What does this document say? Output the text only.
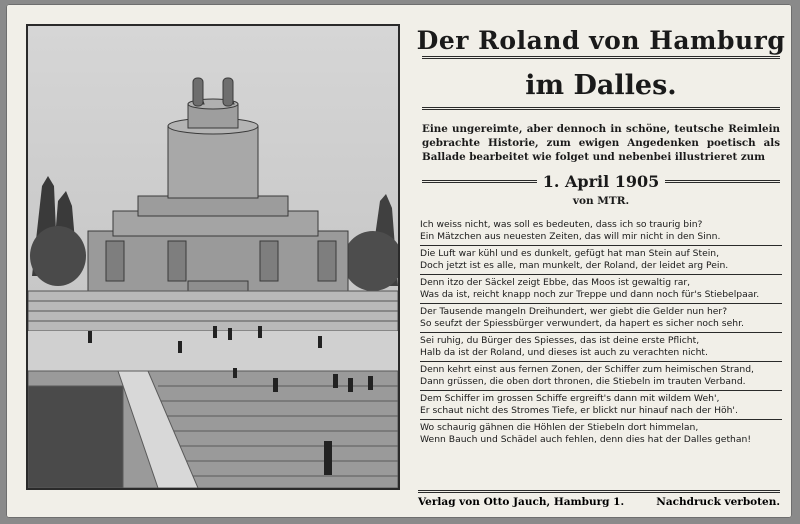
Der Roland von Hamburg
im Dalles.
Eine ungereimte, aber dennoch in schöne, teutsche Reimlein gebrachte Historie, zum ewigen Angedenken poetisch als Ballade bearbeitet wie folget und nebenbei illustrieret zum
1. April 1905
von MTR.
Ich weiss nicht, was soll es bedeuten, dass ich so traurig bin?
Ein Mätzchen aus neuesten Zeiten, das will mir nicht in den Sinn.
Die Luft war kühl und es dunkelt, gefügt hat man Stein auf Stein,
Doch jetzt ist es alle, man munkelt, der Roland, der leidet arg Pein.
Denn itzo der Säckel zeigt Ebbe, das Moos ist gewaltig rar,
Was da ist, reicht knapp noch zur Treppe und dann noch für's Stiebelpaar.
Der Tausende mangeln Dreihundert, wer giebt die Gelder nun her?
So seufzt der Spiessbürger verwundert, da hapert es sicher noch sehr.
Sei ruhig, du Bürger des Spiesses, das ist deine erste Pflicht,
Halb da ist der Roland, und dieses ist auch zu verachten nicht.
Denn kehrt einst aus fernen Zonen, der Schiffer zum heimischen Strand,
Dann grüssen, die oben dort thronen, die Stiebeln im trauten Verband.
Dem Schiffer im grossen Schiffe ergreift's dann mit wildem Weh',
Er schaut nicht des Stromes Tiefe, er blickt nur hinauf nach der Höh'.
Wo schaurig gähnen die Höhlen der Stiebeln dort himmelan,
Wenn Bauch und Schädel auch fehlen, denn dies hat der Dalles gethan!
Verlag von Otto Jauch, Hamburg 1.	Nachdruck verboten.
